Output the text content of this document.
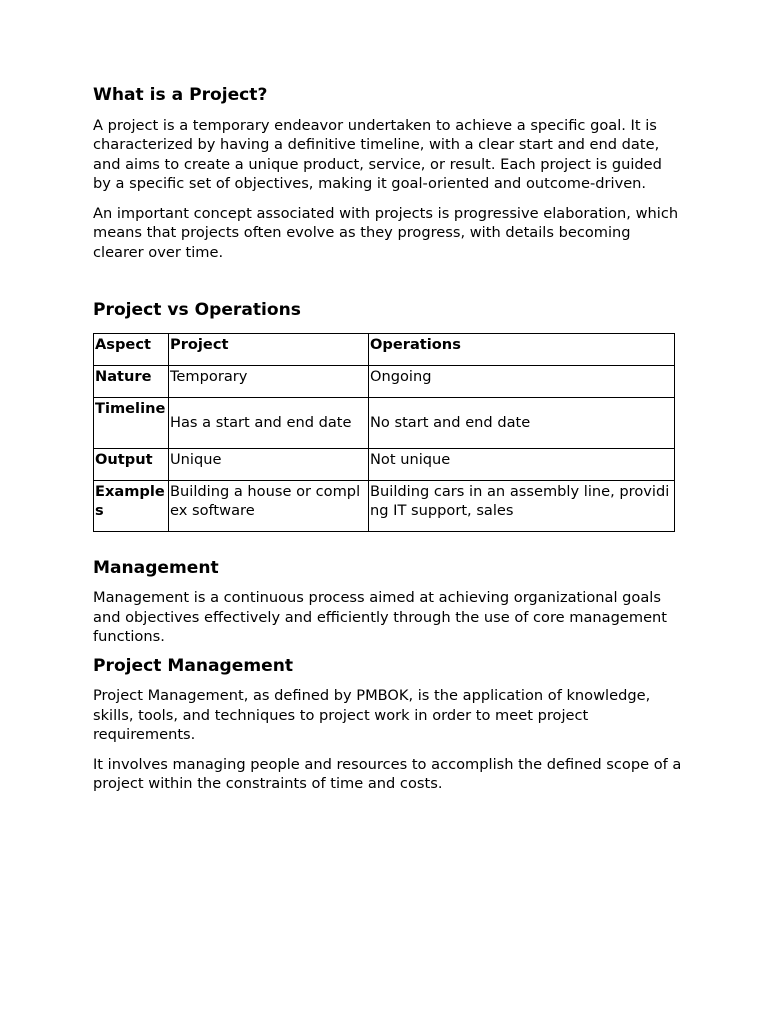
What is a Project?

A project is a temporary endeavor undertaken to achieve a specific goal. It is characterized by having a definitive timeline, with a clear start and end date, and aims to create a unique product, service, or result. Each project is guided by a specific set of objectives, making it goal-oriented and outcome-driven.

An important concept associated with projects is progressive elaboration, which means that projects often evolve as they progress, with details becoming clearer over time.

Project vs Operations
Aspect	Project	Operations
Nature	Temporary	Ongoing
Timeline	Has a start and end date	No start and end date
Output	Unique	Not unique
Examples	Building a house or complex software	Building cars in an assembly line, providing IT support, sales
Management

Management is a continuous process aimed at achieving organizational goals and objectives effectively and efficiently through the use of core management functions.

Project Management

Project Management, as defined by PMBOK, is the application of knowledge, skills, tools, and techniques to project work in order to meet project requirements.

It involves managing people and resources to accomplish the defined scope of a project within the constraints of time and costs.
